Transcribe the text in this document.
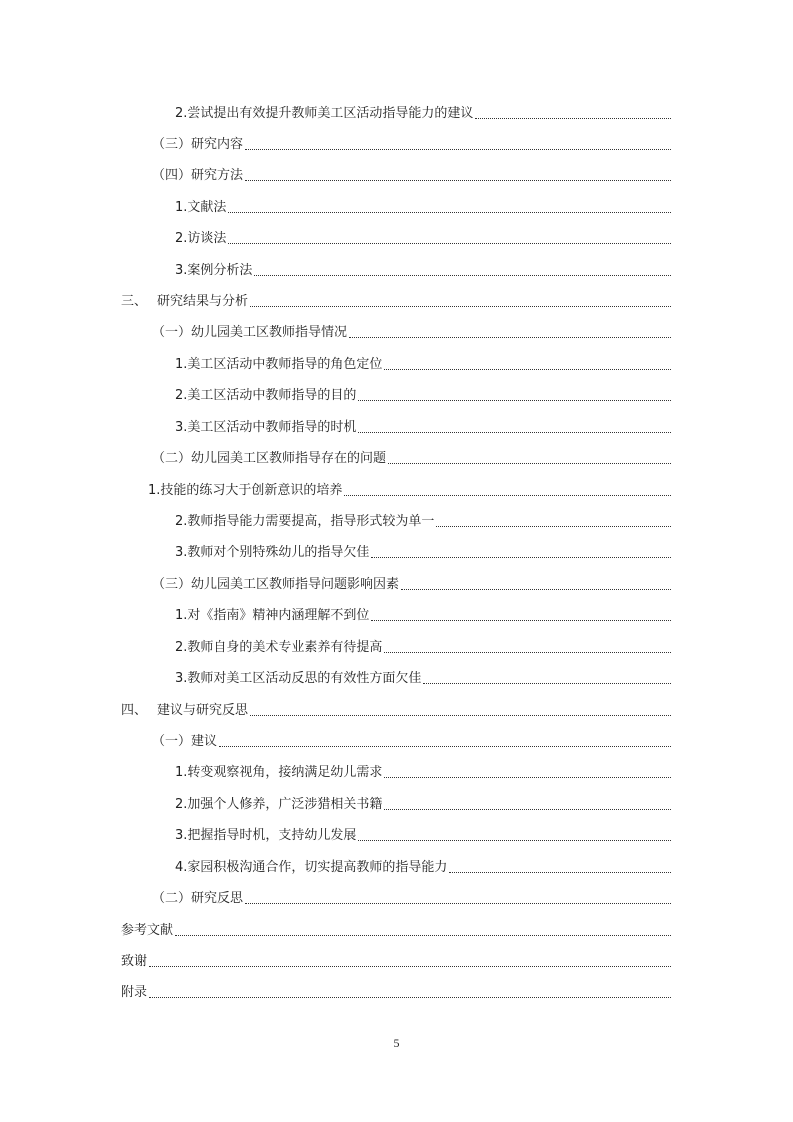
2.尝试提出有效提升教师美工区活动指导能力的建议
（三）研究内容
（四）研究方法
1.文献法
2.访谈法
3.案例分析法
三、 研究结果与分析
（一）幼儿园美工区教师指导情况
1.美工区活动中教师指导的角色定位
2.美工区活动中教师指导的目的
3.美工区活动中教师指导的时机
（二）幼儿园美工区教师指导存在的问题
1.技能的练习大于创新意识的培养
2.教师指导能力需要提高，指导形式较为单一
3.教师对个别特殊幼儿的指导欠佳
（三）幼儿园美工区教师指导问题影响因素
1.对《指南》精神内涵理解不到位
2.教师自身的美术专业素养有待提高
3.教师对美工区活动反思的有效性方面欠佳
四、 建议与研究反思
（一）建议
1.转变观察视角，接纳满足幼儿需求
2.加强个人修养，广泛涉猎相关书籍
3.把握指导时机，支持幼儿发展
4.家园积极沟通合作，切实提高教师的指导能力
（二）研究反思
参考文献
致谢
附录
5
